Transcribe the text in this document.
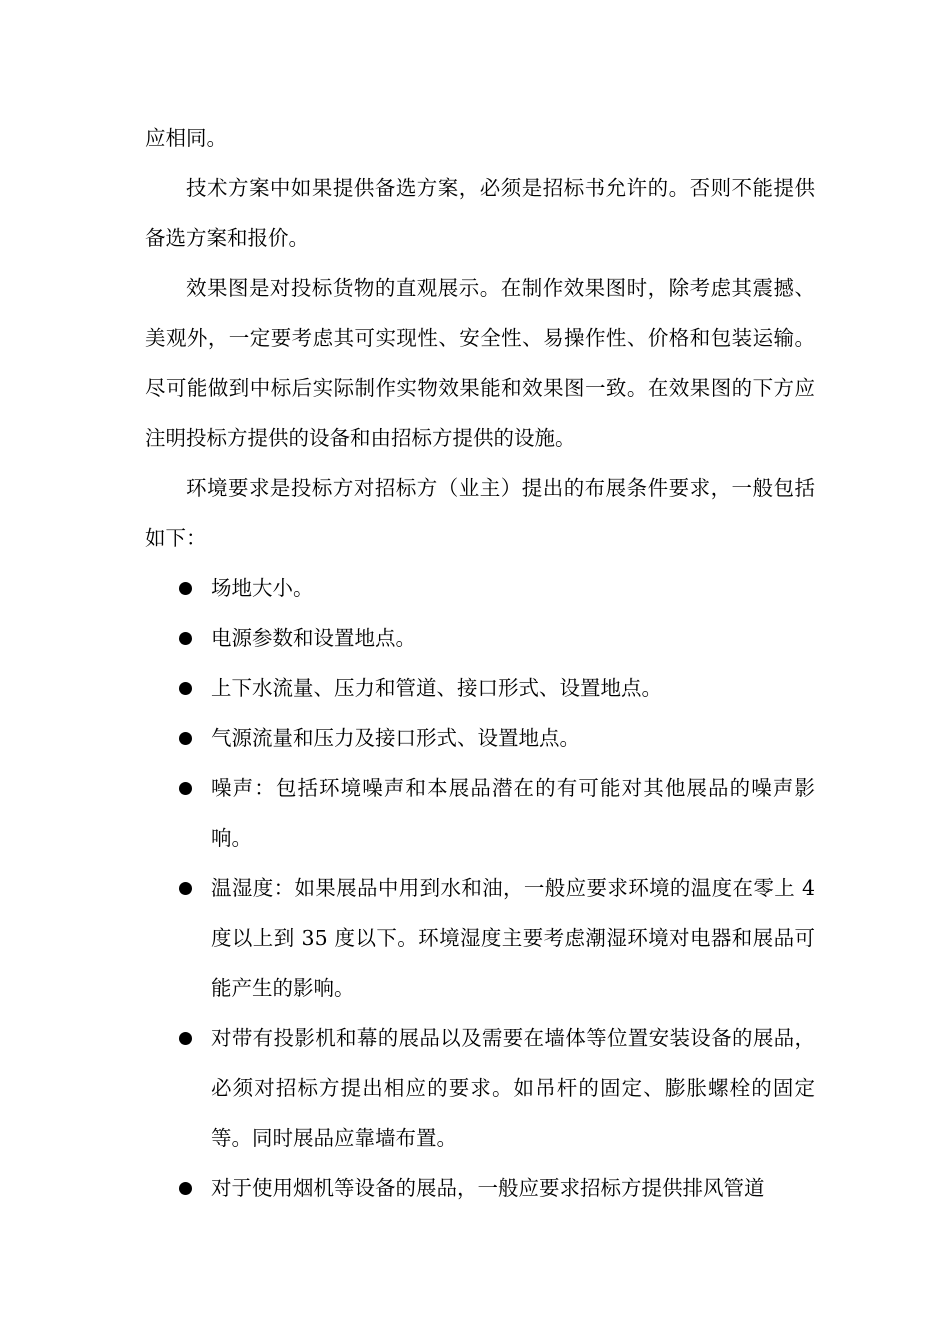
应相同。

技术方案中如果提供备选方案，必须是招标书允许的。否则不能提供备选方案和报价。

效果图是对投标货物的直观展示。在制作效果图时，除考虑其震撼、美观外，一定要考虑其可实现性、安全性、易操作性、价格和包装运输。尽可能做到中标后实际制作实物效果能和效果图一致。在效果图的下方应注明投标方提供的设备和由招标方提供的设施。

环境要求是投标方对招标方（业主）提出的布展条件要求，一般包括如下：

场地大小。
电源参数和设置地点。
上下水流量、压力和管道、接口形式、设置地点。
气源流量和压力及接口形式、设置地点。
噪声：包括环境噪声和本展品潜在的有可能对其他展品的噪声影响。
温湿度：如果展品中用到水和油，一般应要求环境的温度在零上 4 度以上到 35 度以下。环境湿度主要考虑潮湿环境对电器和展品可能产生的影响。
对带有投影机和幕的展品以及需要在墙体等位置安装设备的展品，必须对招标方提出相应的要求。如吊杆的固定、膨胀螺栓的固定等。同时展品应靠墙布置。
对于使用烟机等设备的展品，一般应要求招标方提供排风管道
